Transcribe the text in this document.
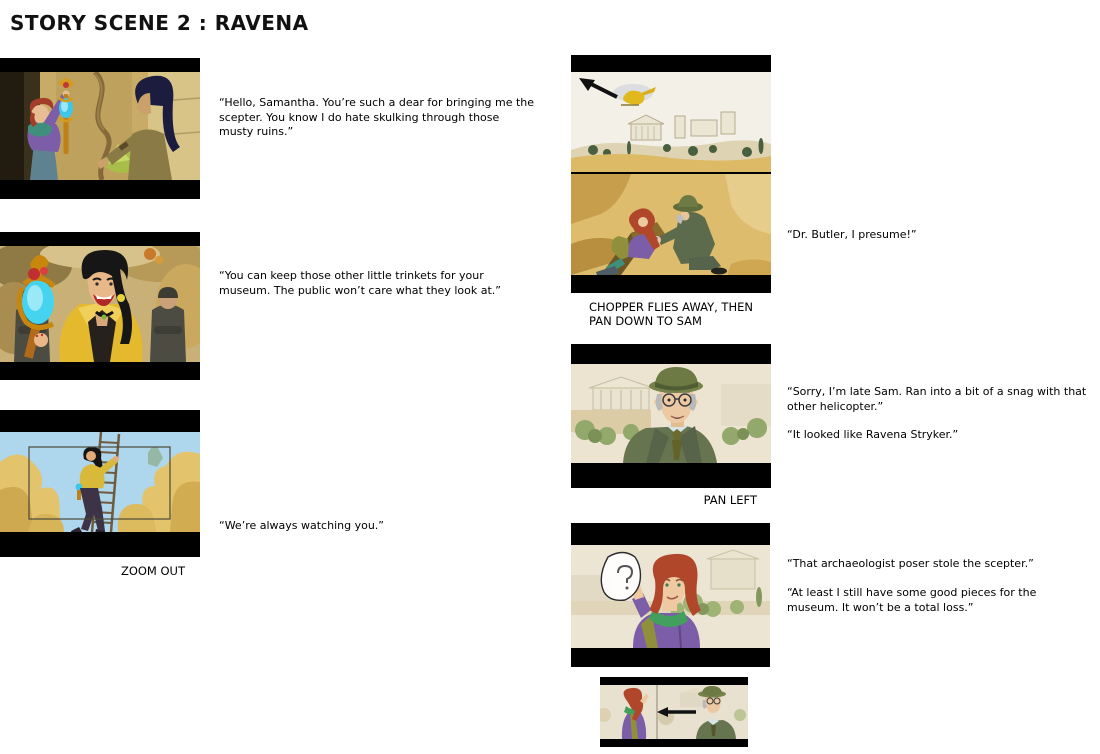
STORY SCENE 2 : RAVENA

“Hello, Samantha. You’re such a dear for bringing me the scepter. You know I do hate skulking through those musty ruins.”

“You can keep those other little trinkets for your museum. The public won’t care what they look at.”

ZOOM OUT

“We’re always watching you.”

CHOPPER FLIES AWAY, THEN PAN DOWN TO SAM

“Dr. Butler, I presume!”

PAN LEFT

“Sorry, I’m late Sam. Ran into a bit of a snag with that other helicopter.”

“It looked like Ravena Stryker.”

“That archaeologist poser stole the scepter.”

“At least I still have some good pieces for the museum. It won’t be a total loss.”
